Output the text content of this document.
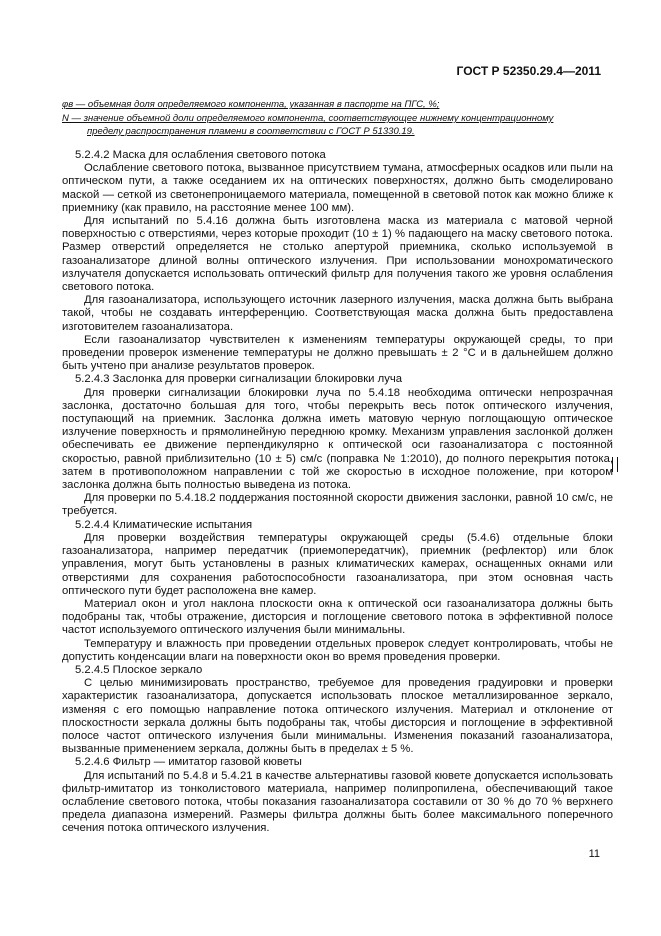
ГОСТ Р 52350.29.4—2011
φв — объемная доля определяемого компонента, указанная в паспорте на ПГС, %;
N — значение объемной доли определяемого компонента, соответствующее нижнему концентрационному
пределу распространения пламени в соответствии с ГОСТ Р 51330.19.

5.2.4.2 Маска для ослабления светового потока

Ослабление светового потока, вызванное присутствием тумана, атмосферных осадков или пыли на оптическом пути, а также оседанием их на оптических поверхностях, должно быть смоделировано маской — сеткой из светонепроницаемого материала, помещенной в световой поток как можно ближе к приемнику (как правило, на расстояние менее 100 мм).

Для испытаний по 5.4.16 должна быть изготовлена маска из материала с матовой черной поверхностью с отверстиями, через которые проходит (10 ± 1) % падающего на маску светового потока. Размер отверстий определяется не столько апертурой приемника, сколько используемой в газоанализаторе длиной волны оптического излучения. При использовании монохроматического излучателя допускается использовать оптический фильтр для получения такого же уровня ослабления светового потока.

Для газоанализатора, использующего источник лазерного излучения, маска должна быть выбрана такой, чтобы не создавать интерференцию. Соответствующая маска должна быть предоставлена изготовителем газоанализатора.

Если газоанализатор чувствителен к изменениям температуры окружающей среды, то при проведении проверок изменение температуры не должно превышать ± 2 °С и в дальнейшем должно быть учтено при анализе результатов проверок.

5.2.4.3 Заслонка для проверки сигнализации блокировки луча

Для проверки сигнализации блокировки луча по 5.4.18 необходима оптически непрозрачная заслонка, достаточно большая для того, чтобы перекрыть весь поток оптического излучения, поступающий на приемник. Заслонка должна иметь матовую черную поглощающую оптическое излучение поверхность и прямолинейную переднюю кромку. Механизм управления заслонкой должен обеспечивать ее движение перпендикулярно к оптической оси газоанализатора с постоянной скоростью, равной приблизительно (10 ± 5) см/с (поправка № 1:2010), до полного перекрытия потока, затем в противоположном направлении с той же скоростью в исходное положение, при котором заслонка должна быть полностью выведена из потока.

Для проверки по 5.4.18.2 поддержания постоянной скорости движения заслонки, равной 10 см/с, не требуется.

5.2.4.4 Климатические испытания

Для проверки воздействия температуры окружающей среды (5.4.6) отдельные блоки газоанализатора, например передатчик (приемопередатчик), приемник (рефлектор) или блок управления, могут быть установлены в разных климатических камерах, оснащенных окнами или отверстиями для сохранения работоспособности газоанализатора, при этом основная часть оптического пути будет расположена вне камер.

Материал окон и угол наклона плоскости окна к оптической оси газоанализатора должны быть подобраны так, чтобы отражение, дисторсия и поглощение светового потока в эффективной полосе частот используемого оптического излучения были минимальны.

Температуру и влажность при проведении отдельных проверок следует контролировать, чтобы не допустить конденсации влаги на поверхности окон во время проведения проверки.

5.2.4.5 Плоское зеркало

С целью минимизировать пространство, требуемое для проведения градуировки и проверки характеристик газоанализатора, допускается использовать плоское металлизированное зеркало, изменяя с его помощью направление потока оптического излучения. Материал и отклонение от плоскостности зеркала должны быть подобраны так, чтобы дисторсия и поглощение в эффективной полосе частот оптического излучения были минимальны. Изменения показаний газоанализатора, вызванные применением зеркала, должны быть в пределах ± 5 %.

5.2.4.6 Фильтр — имитатор газовой кюветы

Для испытаний по 5.4.8 и 5.4.21 в качестве альтернативы газовой кювете допускается использовать фильтр-имитатор из тонколистового материала, например полипропилена, обеспечивающий такое ослабление светового потока, чтобы показания газоанализатора составили от 30 % до 70 % верхнего предела диапазона измерений. Размеры фильтра должны быть более максимального поперечного сечения потока оптического излучения.

11
